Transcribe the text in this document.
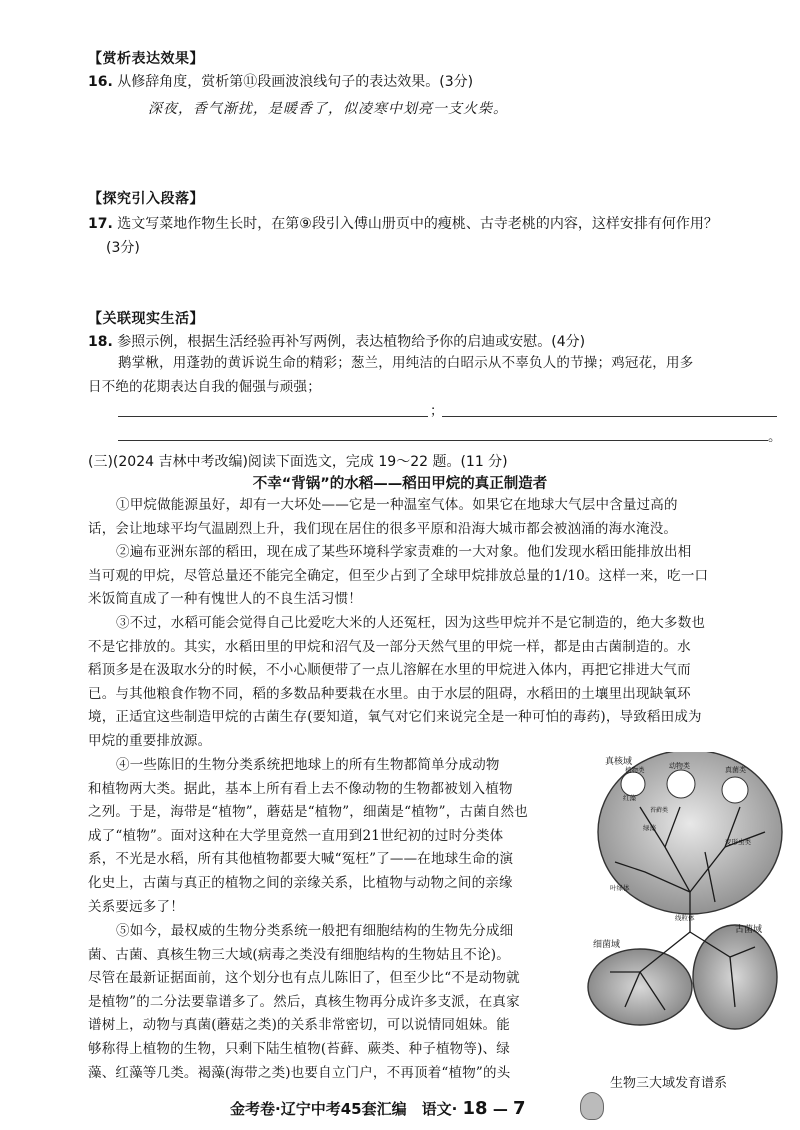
【赏析表达效果】
16. 从修辞角度，赏析第⑪段画波浪线句子的表达效果。(3分)
深夜，香气渐扰，是暖香了，似凌寒中划亮一支火柴。
【探究引入段落】
17. 选文写菜地作物生长时，在第⑨段引入傅山册页中的瘦桃、古寺老桃的内容，这样安排有何作用？
(3分)
【关联现实生活】
18. 参照示例，根据生活经验再补写两例，表达植物给予你的启迪或安慰。(4分)
鹅掌楸，用蓬勃的黄诉说生命的精彩；葱兰，用纯洁的白昭示从不辜负人的节操；鸡冠花，用多
日不绝的花期表达自我的倔强与顽强；
；
。
(三)(2024 吉林中考改编)阅读下面选文，完成 19～22 题。(11 分)
不幸“背锅”的水稻——稻田甲烷的真正制造者
①甲烷做能源虽好，却有一大坏处——它是一种温室气体。如果它在地球大气层中含量过高的
话，会让地球平均气温剧烈上升，我们现在居住的很多平原和沿海大城市都会被汹涌的海水淹没。
②遍布亚洲东部的稻田，现在成了某些环境科学家责难的一大对象。他们发现水稻田能排放出相
当可观的甲烷，尽管总量还不能完全确定，但至少占到了全球甲烷排放总量的1/10。这样一来，吃一口
米饭简直成了一种有愧世人的不良生活习惯！
③不过，水稻可能会觉得自己比爱吃大米的人还冤枉，因为这些甲烷并不是它制造的，绝大多数也
不是它排放的。其实，水稻田里的甲烷和沼气及一部分天然气里的甲烷一样，都是由古菌制造的。水
稻顶多是在汲取水分的时候，不小心顺便带了一点儿溶解在水里的甲烷进入体内，再把它排进大气而
已。与其他粮食作物不同，稻的多数品种要栽在水里。由于水层的阻碍，水稻田的土壤里出现缺氧环
境，正适宜这些制造甲烷的古菌生存(要知道，氧气对它们来说完全是一种可怕的毒药)，导致稻田成为
甲烷的重要排放源。
④一些陈旧的生物分类系统把地球上的所有生物都简单分成动物
和植物两大类。据此，基本上所有看上去不像动物的生物都被划入植物
之列。于是，海带是“植物”，蘑菇是“植物”，细菌是“植物”，古菌自然也
成了“植物”。面对这种在大学里竟然一直用到21世纪初的过时分类体
系，不光是水稻，所有其他植物都要大喊“冤枉”了——在地球生命的演
化史上，古菌与真正的植物之间的亲缘关系，比植物与动物之间的亲缘
关系要远多了！
⑤如今，最权威的生物分类系统一般把有细胞结构的生物先分成细
菌、古菌、真核生物三大域(病毒之类没有细胞结构的生物姑且不论)。
尽管在最新证据面前，这个划分也有点儿陈旧了，但至少比“不是动物就
是植物”的二分法要靠谱多了。然后，真核生物再分成许多支派，在真家
谱树上，动物与真菌(蘑菇之类)的关系非常密切，可以说情同姐妹。能
够称得上植物的生物，只剩下陆生植物(苔藓、蕨类、种子植物等)、绿
藻、红藻等几类。褐藻(海带之类)也要自立门户，不再顶着“植物”的头
真核域	动物类
植物类	真菌类
红藻
绿藻
变形虫类
叶绿体
线粒体
苔藓类
细菌域
古菌域
生物三大域发育谱系
金考卷·辽宁中考45套汇编　语文· 18 — 7
